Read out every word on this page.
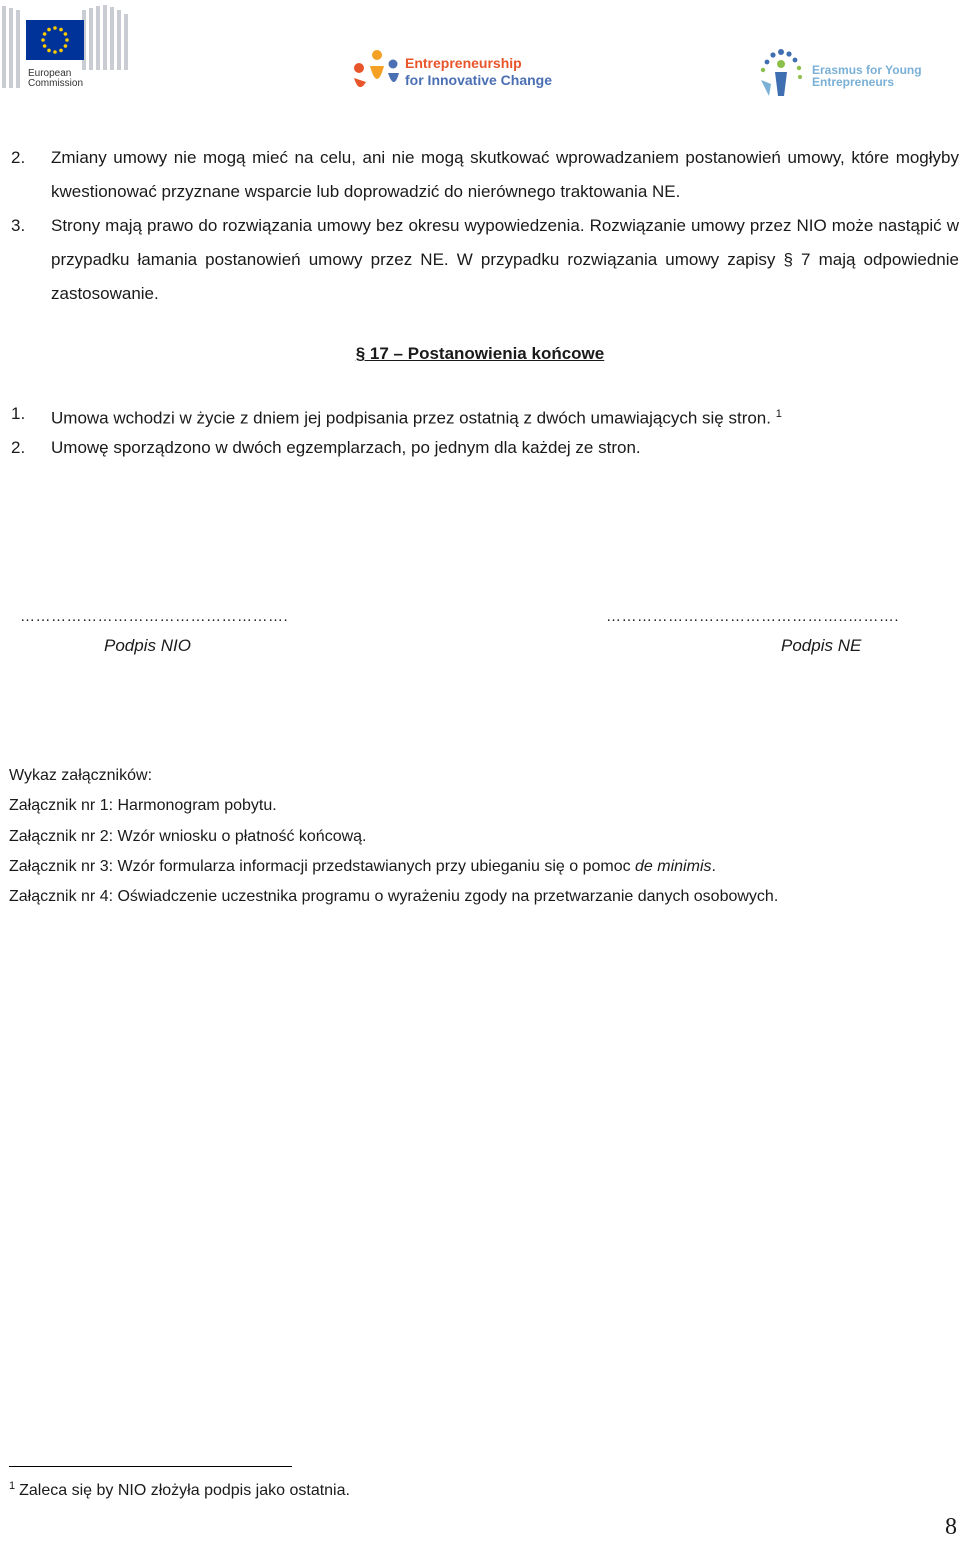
European
Commission
Entrepreneurship
for Innovative Change
Erasmus for Young
Entrepreneurs
2. Zmiany umowy nie mogą mieć na celu, ani nie mogą skutkować wprowadzaniem postanowień umowy, które mogłyby kwestionować przyznane wsparcie lub doprowadzić do nierównego traktowania NE.
3. Strony mają prawo do rozwiązania umowy bez okresu wypowiedzenia. Rozwiązanie umowy przez NIO może nastąpić w przypadku łamania postanowień umowy przez NE. W przypadku rozwiązania umowy zapisy § 7 mają odpowiednie zastosowanie.
§ 17 – Postanowienia końcowe
1. Umowa wchodzi w życie z dniem jej podpisania przez ostatnią z dwóch umawiających się stron. $^1$
2. Umowę sporządzono w dwóch egzemplarzach, po jednym dla każdej ze stron.
…………………………………………….
Podpis NIO
………………………………………..……….
Podpis NE
Wykaz załączników:
Załącznik nr 1: Harmonogram pobytu.
Załącznik nr 2: Wzór wniosku o płatność końcową.
Załącznik nr 3: Wzór formularza informacji przedstawianych przy ubieganiu się o pomoc de minimis.
Załącznik nr 4: Oświadczenie uczestnika programu o wyrażeniu zgody na przetwarzanie danych osobowych.
$^1$ Zaleca się by NIO złożyła podpis jako ostatnia.
8
